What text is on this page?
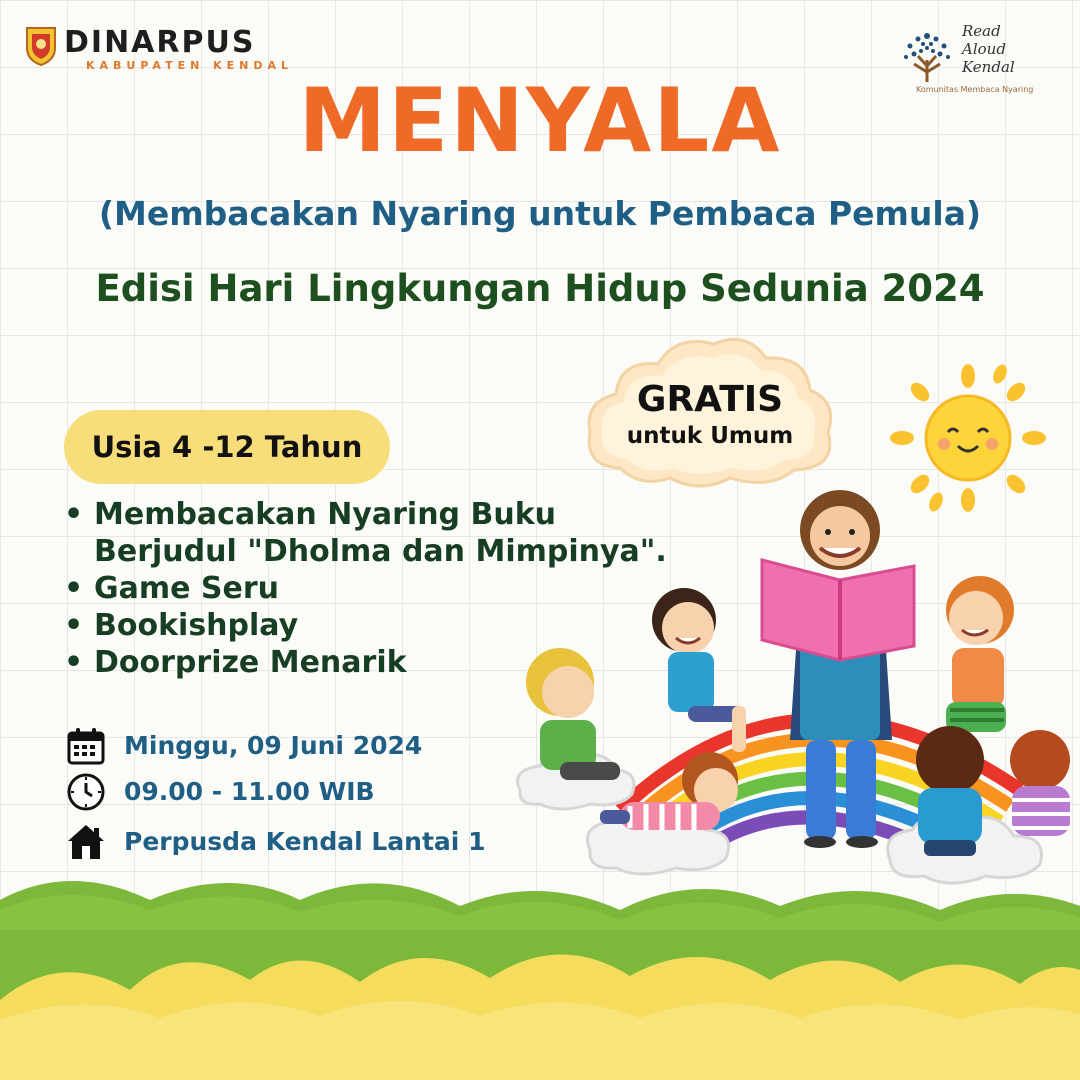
DINARPUS
KABUPATEN KENDAL
Read
Aloud
Kendal
Komunitas Membaca Nyaring
MENYALA
(Membacakan Nyaring untuk Pembaca Pemula)
Edisi Hari Lingkungan Hidup Sedunia 2024
GRATIS
untuk Umum
Usia 4 -12 Tahun
• Membacakan Nyaring Buku Berjudul "Dholma dan Mimpinya".
• Game Seru
• Bookishplay
• Doorprize Menarik
Minggu, 09 Juni 2024
09.00 - 11.00 WIB
Perpusda Kendal Lantai 1
